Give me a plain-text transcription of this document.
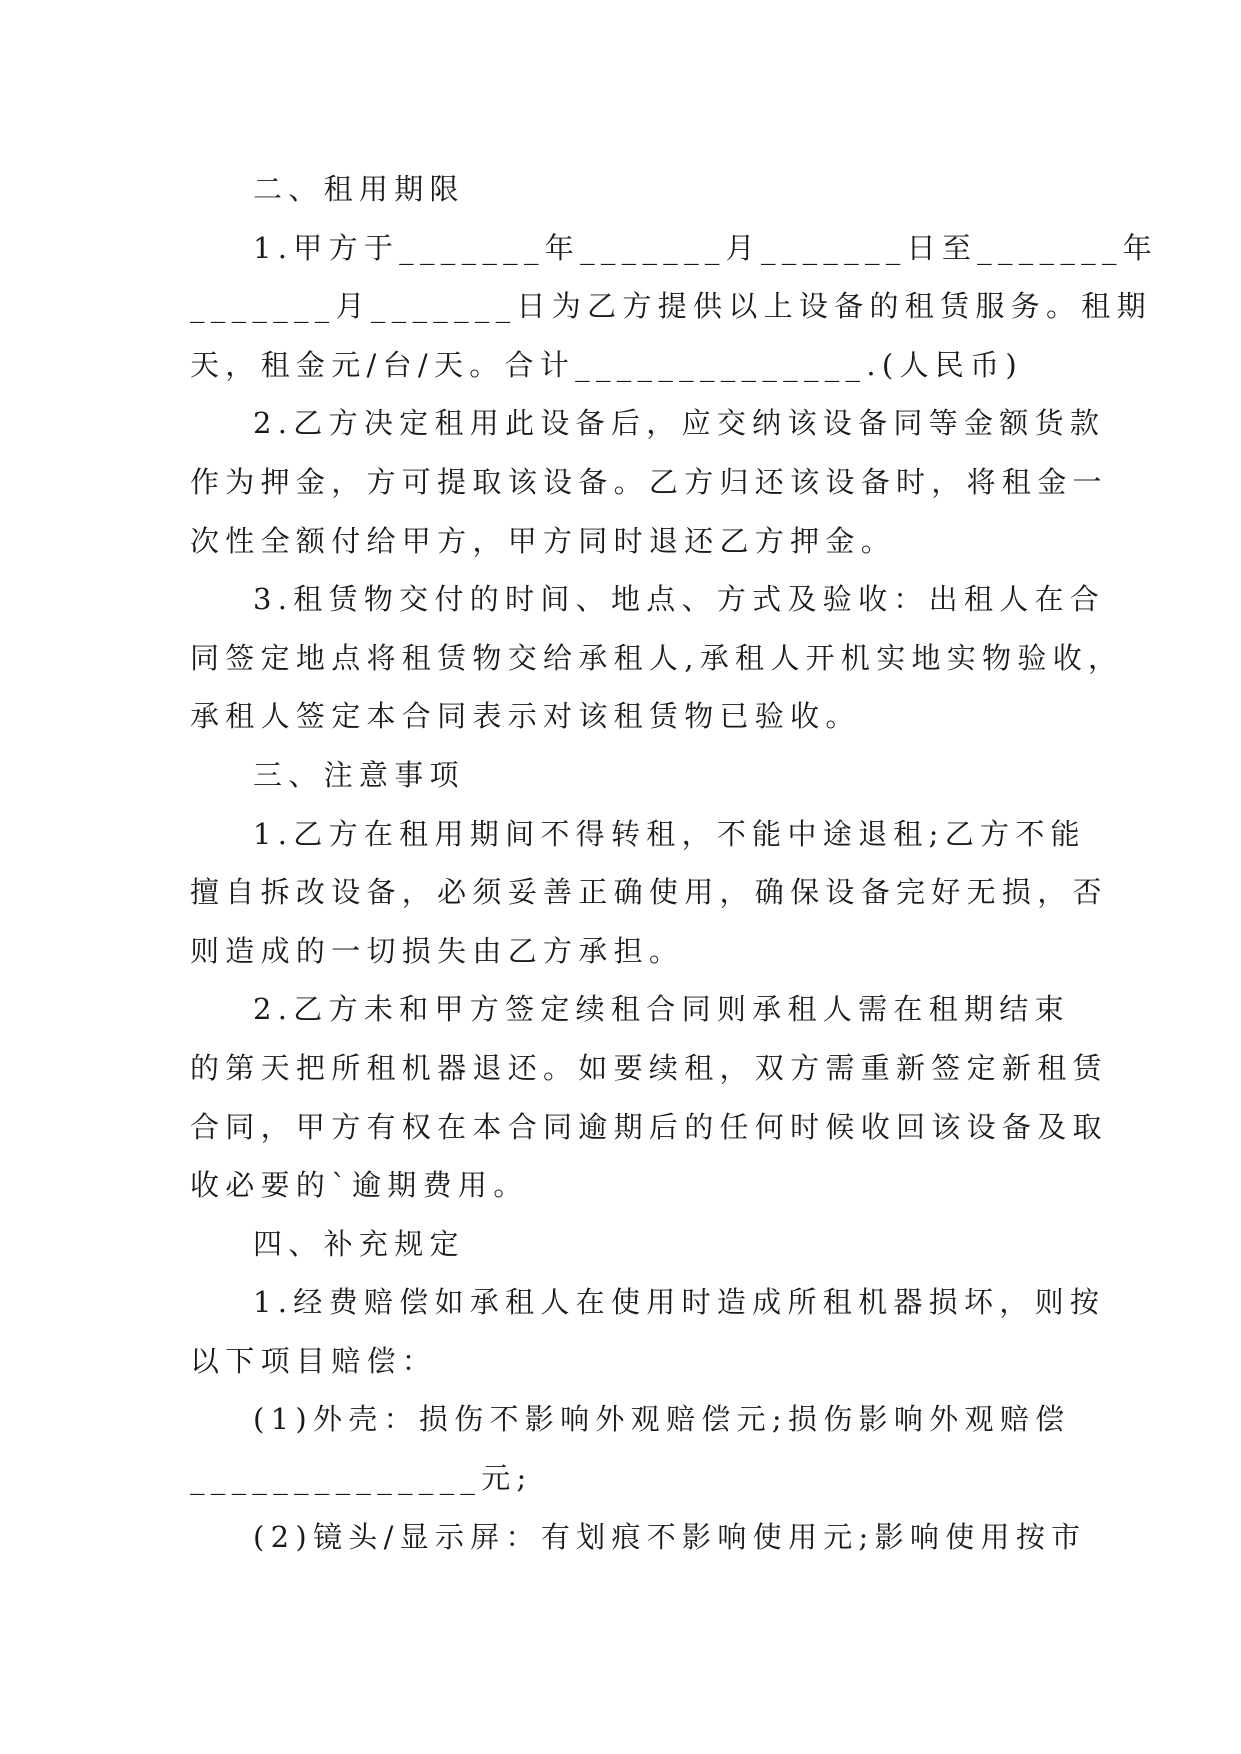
二、租用期限
1.甲方于_______年_______月_______日至_______年
_______月_______日为乙方提供以上设备的租赁服务。租期
天，租金元/台/天。合计______________.(人民币)
2.乙方决定租用此设备后，应交纳该设备同等金额货款
作为押金，方可提取该设备。乙方归还该设备时，将租金一
次性全额付给甲方，甲方同时退还乙方押金。
3.租赁物交付的时间、地点、方式及验收：出租人在合
同签定地点将租赁物交给承租人,承租人开机实地实物验收，
承租人签定本合同表示对该租赁物已验收。
三、注意事项
1.乙方在租用期间不得转租，不能中途退租;乙方不能
擅自拆改设备，必须妥善正确使用，确保设备完好无损，否
则造成的一切损失由乙方承担。
2.乙方未和甲方签定续租合同则承租人需在租期结束
的第天把所租机器退还。如要续租，双方需重新签定新租赁
合同，甲方有权在本合同逾期后的任何时候收回该设备及取
收必要的`逾期费用。
四、补充规定
1.经费赔偿如承租人在使用时造成所租机器损坏，则按
以下项目赔偿：
(1)外壳：损伤不影响外观赔偿元;损伤影响外观赔偿
______________元;
(2)镜头/显示屏：有划痕不影响使用元;影响使用按市
